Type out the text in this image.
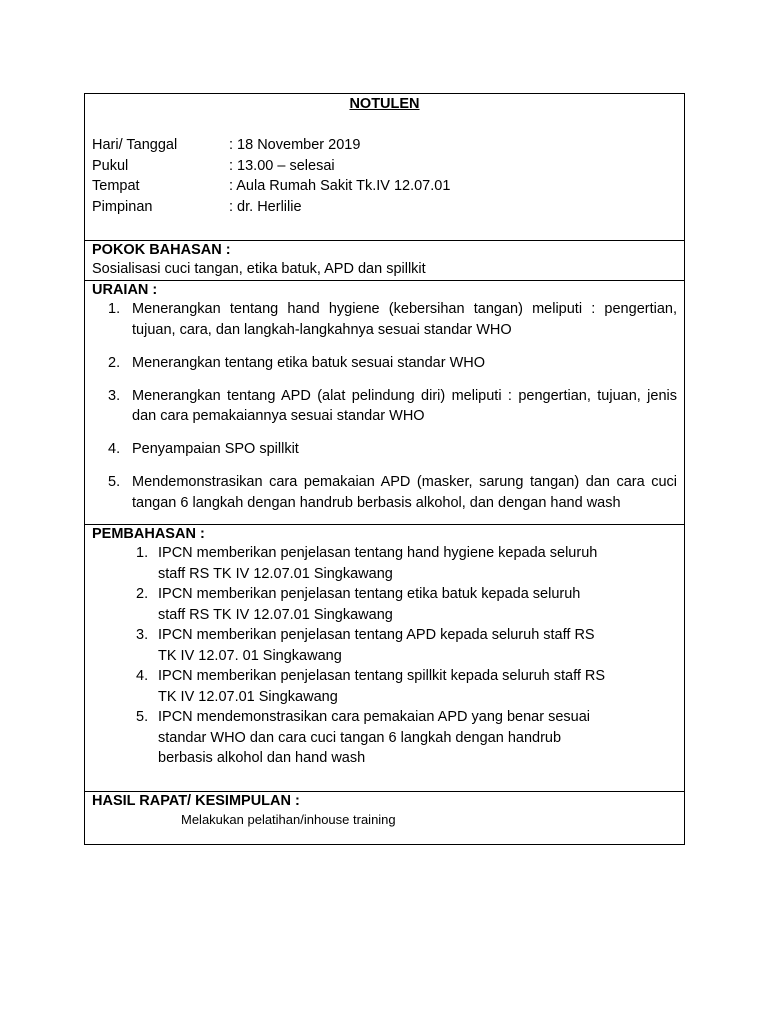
NOTULEN
Hari/ Tanggal	: 18 November 2019
Pukul	: 13.00 – selesai
Tempat	: Aula Rumah Sakit Tk.IV 12.07.01
Pimpinan	: dr. Herlilie
POKOK BAHASAN :
Sosialisasi cuci tangan, etika batuk, APD dan spillkit
URAIAN :
1. Menerangkan tentang hand hygiene (kebersihan tangan) meliputi : pengertian, tujuan, cara, dan langkah-langkahnya sesuai standar WHO
2. Menerangkan tentang etika batuk sesuai standar WHO
3. Menerangkan tentang APD (alat pelindung diri) meliputi : pengertian, tujuan, jenis dan cara pemakaiannya sesuai standar WHO
4. Penyampaian SPO spillkit
5. Mendemonstrasikan cara pemakaian APD (masker, sarung tangan) dan cara cuci tangan 6 langkah dengan handrub berbasis alkohol, dan dengan hand wash
PEMBAHASAN :
1. IPCN memberikan penjelasan tentang hand hygiene kepada seluruh staff RS TK IV 12.07.01 Singkawang
2. IPCN memberikan penjelasan tentang etika batuk kepada seluruh staff RS TK IV 12.07.01 Singkawang
3. IPCN memberikan penjelasan tentang APD kepada seluruh staff RS TK IV 12.07. 01 Singkawang
4. IPCN memberikan penjelasan tentang spillkit kepada seluruh staff RS TK IV 12.07.01 Singkawang
5. IPCN mendemonstrasikan cara pemakaian APD yang benar sesuai standar WHO dan cara cuci tangan 6 langkah dengan handrub berbasis alkohol dan hand wash
HASIL RAPAT/ KESIMPULAN :
Melakukan pelatihan/inhouse training
